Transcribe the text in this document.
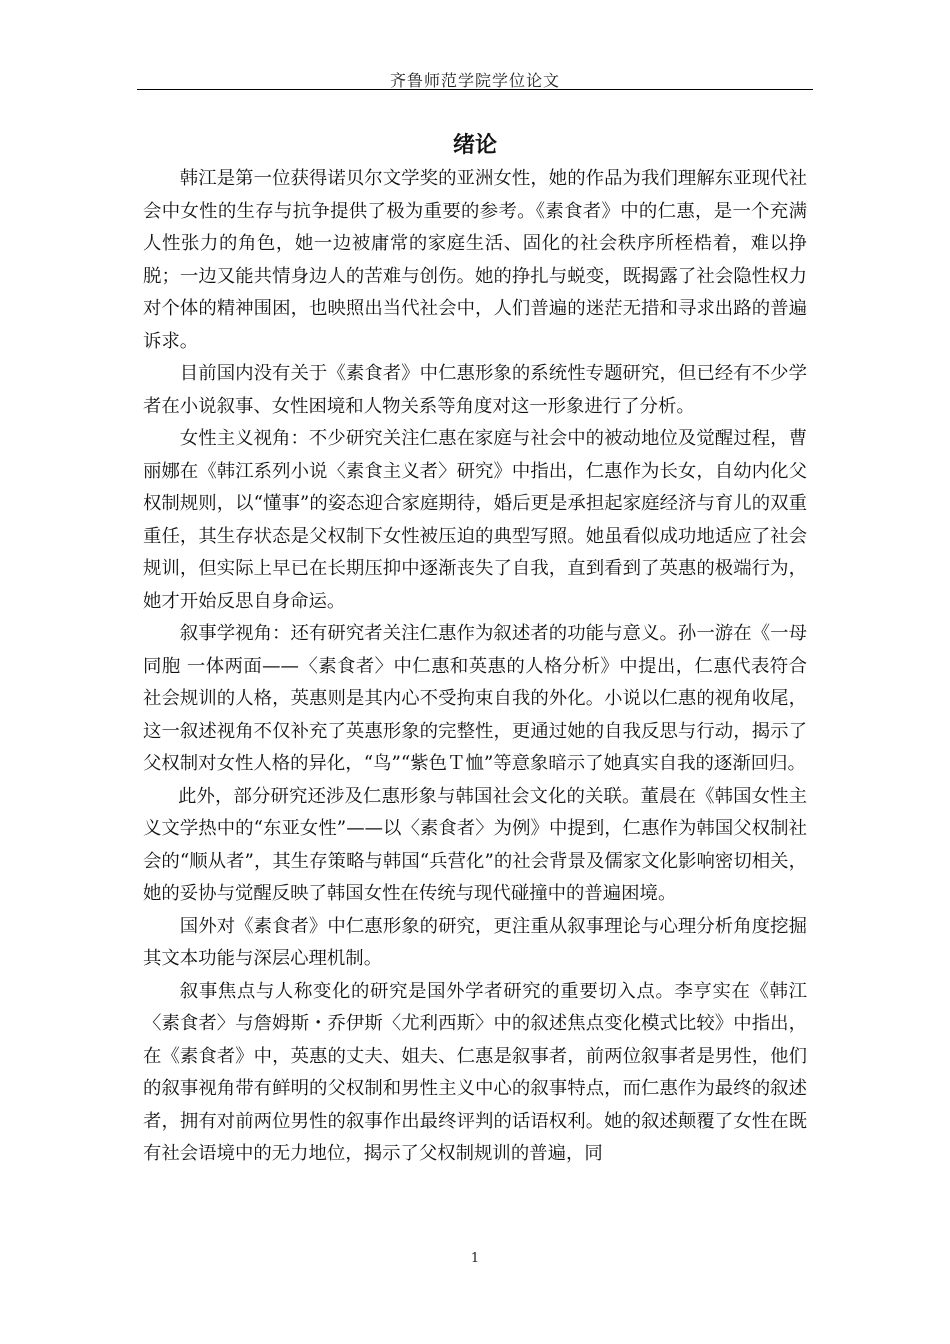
齐鲁师范学院学位论文
绪论

韩江是第一位获得诺贝尔文学奖的亚洲女性，她的作品为我们理解东亚现代社会中女性的生存与抗争提供了极为重要的参考。《素食者》中的仁惠，是一个充满人性张力的角色，她一边被庸常的家庭生活、固化的社会秩序所桎梏着，难以挣脱；一边又能共情身边人的苦难与创伤。她的挣扎与蜕变，既揭露了社会隐性权力对个体的精神围困，也映照出当代社会中，人们普遍的迷茫无措和寻求出路的普遍诉求。

目前国内没有关于《素食者》中仁惠形象的系统性专题研究，但已经有不少学者在小说叙事、女性困境和人物关系等角度对这一形象进行了分析。

女性主义视角：不少研究关注仁惠在家庭与社会中的被动地位及觉醒过程，曹丽娜在《韩江系列小说〈素食主义者〉研究》中指出，仁惠作为长女，自幼内化父权制规则，以“懂事”的姿态迎合家庭期待，婚后更是承担起家庭经济与育儿的双重重任，其生存状态是父权制下女性被压迫的典型写照。她虽看似成功地适应了社会规训，但实际上早已在长期压抑中逐渐丧失了自我，直到看到了英惠的极端行为，她才开始反思自身命运。

叙事学视角：还有研究者关注仁惠作为叙述者的功能与意义。孙一游在《一母同胞 一体两面——〈素食者〉中仁惠和英惠的人格分析》中提出，仁惠代表符合社会规训的人格，英惠则是其内心不受拘束自我的外化。小说以仁惠的视角收尾，这一叙述视角不仅补充了英惠形象的完整性，更通过她的自我反思与行动，揭示了父权制对女性人格的异化，“鸟”“紫色Ｔ恤”等意象暗示了她真实自我的逐渐回归。

此外，部分研究还涉及仁惠形象与韩国社会文化的关联。董晨在《韩国女性主义文学热中的“东亚女性”——以〈素食者〉为例》中提到，仁惠作为韩国父权制社会的“顺从者”，其生存策略与韩国“兵营化”的社会背景及儒家文化影响密切相关，她的妥协与觉醒反映了韩国女性在传统与现代碰撞中的普遍困境。

国外对《素食者》中仁惠形象的研究，更注重从叙事理论与心理分析角度挖掘其文本功能与深层心理机制。

叙事焦点与人称变化的研究是国外学者研究的重要切入点。李亨实在《韩江〈素食者〉与詹姆斯・乔伊斯〈尤利西斯〉中的叙述焦点变化模式比较》中指出，在《素食者》中，英惠的丈夫、姐夫、仁惠是叙事者，前两位叙事者是男性，他们的叙事视角带有鲜明的父权制和男性主义中心的叙事特点，而仁惠作为最终的叙述者，拥有对前两位男性的叙事作出最终评判的话语权利。她的叙述颠覆了女性在既有社会语境中的无力地位，揭示了父权制规训的普遍，同

1
